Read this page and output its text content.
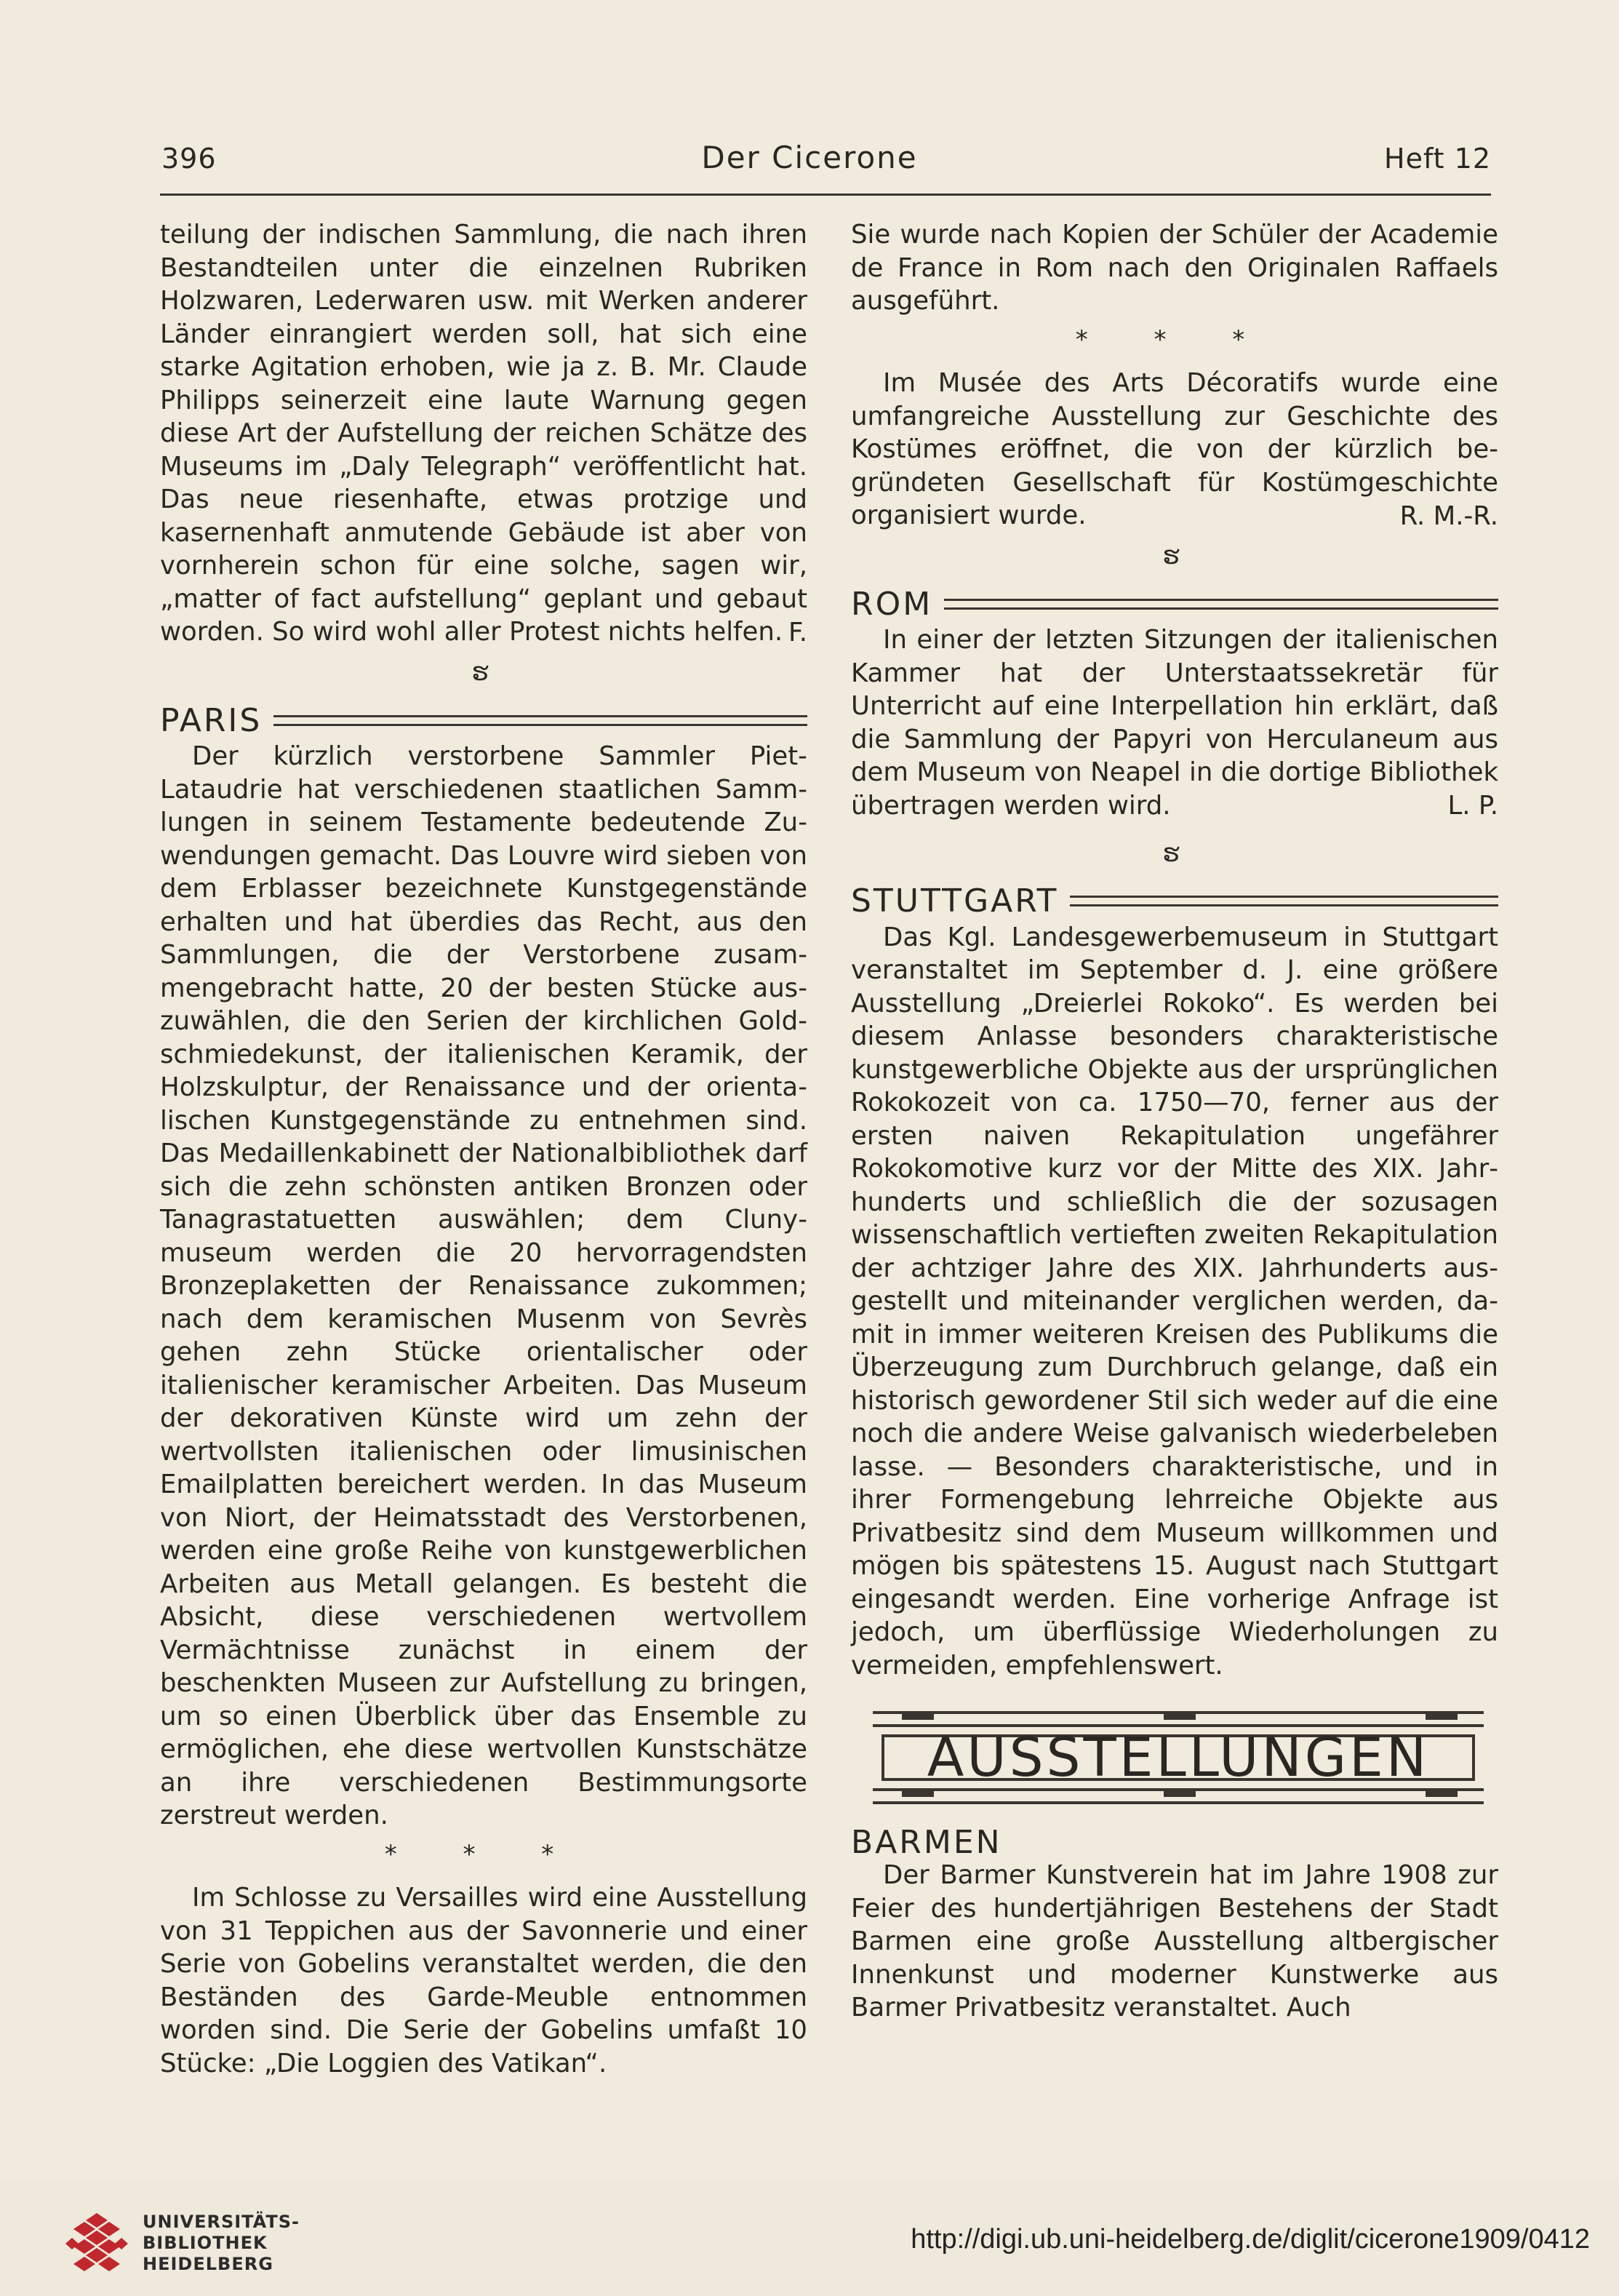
396	Der Cicerone	Heft 12

teilung der indischen Sammlung, die nach ihren Bestandteilen unter die einzelnen Rubriken Holzwaren, Lederwaren usw. mit Werken anderer Länder einrangiert werden soll, hat sich eine starke Agitation erhoben, wie ja z. B. Mr. Claude Philipps seinerzeit eine laute Warnung gegen diese Art der Aufstellung der reichen Schätze des Museums im „Daly Telegraph“ veröffentlicht hat. Das neue riesenhafte, etwas protzige und kasernenhaft anmutende Gebäude ist aber von vornherein schon für eine solche, sagen wir, „matter of fact aufstellung“ geplant und gebaut worden. So wird wohl aller Protest nichts helfen. F.
ຮ
PARIS

Der kürzlich verstorbene Sammler Piet-Lataudrie hat verschiedenen staatlichen Sammlungen in seinem Testamente bedeutende Zuwendungen gemacht. Das Louvre wird sieben von dem Erblasser bezeichnete Kunstgegenstände erhalten und hat überdies das Recht, aus den Sammlungen, die der Verstorbene zusammengebracht hatte, 20 der besten Stücke auszuwählen, die den Serien der kirchlichen Goldschmiedekunst, der italienischen Keramik, der Holzskulptur, der Renaissance und der orientalischen Kunstgegenstände zu entnehmen sind. Das Medaillenkabinett der Nationalbibliothek darf sich die zehn schönsten antiken Bronzen oder Tanagrastatuetten auswählen; dem Clunymuseum werden die 20 hervorragendsten Bronzeplaketten der Renaissance zukommen; nach dem keramischen Musenm von Sevrès gehen zehn Stücke orientalischer oder italienischer keramischer Arbeiten. Das Museum der dekorativen Künste wird um zehn der wertvollsten italienischen oder limusinischen Emailplatten bereichert werden. In das Museum von Niort, der Heimatsstadt des Verstorbenen, werden eine große Reihe von kunstgewerblichen Arbeiten aus Metall gelangen. Es besteht die Absicht, diese verschiedenen wertvollem Vermächtnisse zunächst in einem der beschenkten Museen zur Aufstellung zu bringen, um so einen Überblick über das Ensemble zu ermöglichen, ehe diese wertvollen Kunstschätze an ihre verschiedenen Bestimmungsorte zerstreut werden.

* * *

Im Schlosse zu Versailles wird eine Ausstellung von 31 Teppichen aus der Savonnerie und einer Serie von Gobelins veranstaltet werden, die den Beständen des Garde-Meuble entnommen worden sind. Die Serie der Gobelins umfaßt 10 Stücke: „Die Loggien des Vatikan“.

Sie wurde nach Kopien der Schüler der Academie de France in Rom nach den Originalen Raffaels ausgeführt.

* * *

Im Musée des Arts Décoratifs wurde eine umfangreiche Ausstellung zur Geschichte des Kostümes eröffnet, die von der kürzlich begründeten Gesellschaft für Kostümgeschichte organisiert wurde.	R. M.-R.
ຮ
ROM

In einer der letzten Sitzungen der italienischen Kammer hat der Unterstaatssekretär für Unterricht auf eine Interpellation hin erklärt, daß die Sammlung der Papyri von Herculaneum aus dem Museum von Neapel in die dortige Bibliothek übertragen werden wird.	L. P.
ຮ
STUTTGART

Das Kgl. Landesgewerbemuseum in Stuttgart veranstaltet im September d. J. eine größere Ausstellung „Dreierlei Rokoko“. Es werden bei diesem Anlasse besonders charakteristische kunstgewerbliche Objekte aus der ursprünglichen Rokokozeit von ca. 1750—70, ferner aus der ersten naiven Rekapitulation ungefährer Rokokomotive kurz vor der Mitte des XIX. Jahrhunderts und schließlich die der sozusagen wissenschaftlich vertieften zweiten Rekapitulation der achtziger Jahre des XIX. Jahrhunderts ausgestellt und miteinander verglichen werden, damit in immer weiteren Kreisen des Publikums die Überzeugung zum Durchbruch gelange, daß ein historisch gewordener Stil sich weder auf die eine noch die andere Weise galvanisch wiederbeleben lasse. — Besonders charakteristische, und in ihrer Formengebung lehrreiche Objekte aus Privatbesitz sind dem Museum willkommen und mögen bis spätestens 15. August nach Stuttgart eingesandt werden. Eine vorherige Anfrage ist jedoch, um überflüssige Wiederholungen zu vermeiden, empfehlenswert.

AUSSTELLUNGEN
BARMEN

Der Barmer Kunstverein hat im Jahre 1908 zur Feier des hundertjährigen Bestehens der Stadt Barmen eine große Ausstellung altbergischer Innenkunst und moderner Kunstwerke aus Barmer Privatbesitz veranstaltet. Auch

UNIVERSITÄTS-
BIBLIOTHEK
HEIDELBERG
http://digi.ub.uni-heidelberg.de/diglit/cicerone1909/0412
